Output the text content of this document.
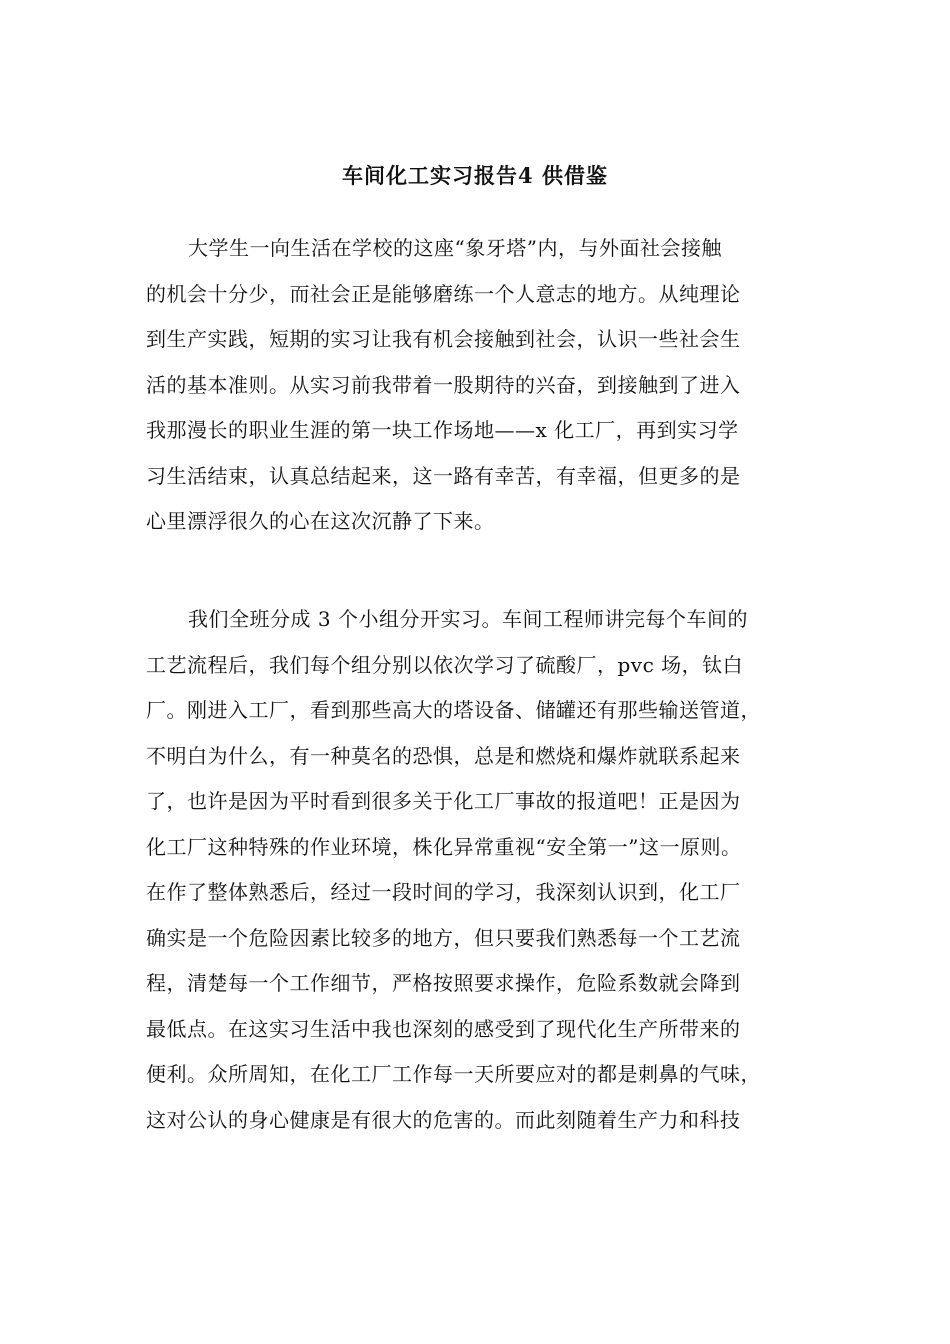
车间化工实习报告4 供借鉴
大学生一向生活在学校的这座“象牙塔”内，与外面社会接触
的机会十分少，而社会正是能够磨练一个人意志的地方。从纯理论
到生产实践，短期的实习让我有机会接触到社会，认识一些社会生
活的基本准则。从实习前我带着一股期待的兴奋，到接触到了进入
我那漫长的职业生涯的第一块工作场地——x 化工厂，再到实习学
习生活结束，认真总结起来，这一路有幸苦，有幸福，但更多的是
心里漂浮很久的心在这次沉静了下来。
我们全班分成 3 个小组分开实习。车间工程师讲完每个车间的
工艺流程后，我们每个组分别以依次学习了硫酸厂，pvc 场，钛白
厂。刚进入工厂，看到那些高大的塔设备、储罐还有那些输送管道，
不明白为什么，有一种莫名的恐惧，总是和燃烧和爆炸就联系起来
了，也许是因为平时看到很多关于化工厂事故的报道吧！正是因为
化工厂这种特殊的作业环境，株化异常重视“安全第一”这一原则。
在作了整体熟悉后，经过一段时间的学习，我深刻认识到，化工厂
确实是一个危险因素比较多的地方，但只要我们熟悉每一个工艺流
程，清楚每一个工作细节，严格按照要求操作，危险系数就会降到
最低点。在这实习生活中我也深刻的感受到了现代化生产所带来的
便利。众所周知，在化工厂工作每一天所要应对的都是刺鼻的气味，
这对公认的身心健康是有很大的危害的。而此刻随着生产力和科技
